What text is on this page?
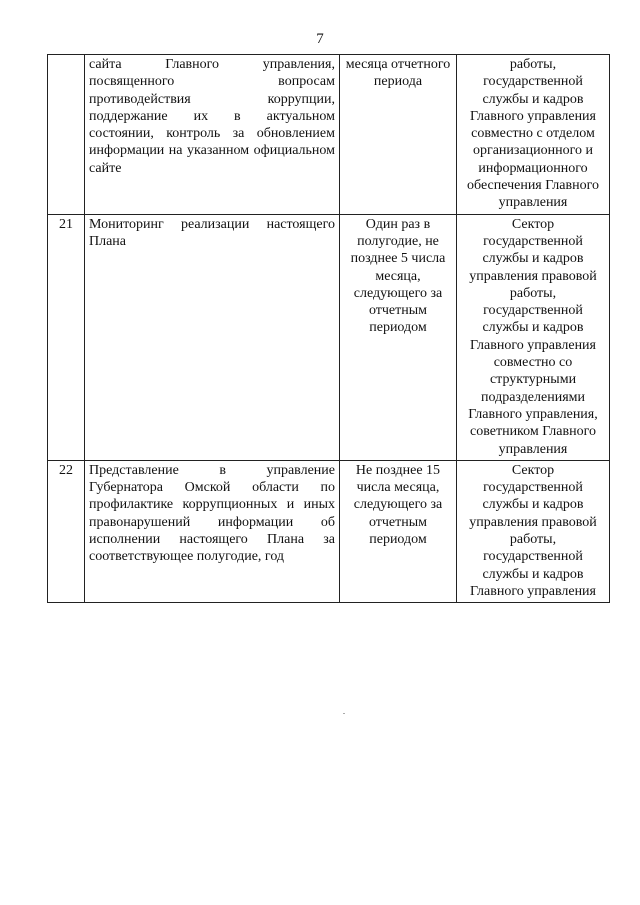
7
	сайта Главного управления, посвященного вопросам противодействия коррупции, поддержание их в актуальном состоянии, контроль за обновлением информации на указанном официальном сайте	месяца отчетного периода	работы, государственной службы и кадров Главного управления совместно с отделом организационного и информационного обеспечения Главного управления
21	Мониторинг реализации настоящего Плана	Один раз в полугодие, не позднее 5 числа месяца, следующего за отчетным периодом	Сектор государственной службы и кадров управления правовой работы, государственной службы и кадров Главного управления совместно со структурными подразделениями Главного управления, советником Главного управления
22	Представление в управление Губернатора Омской области по профилактике коррупционных и иных правонарушений информации об исполнении настоящего Плана за соответствующее полугодие, год	Не позднее 15 числа месяца, следующего за отчетным периодом	Сектор государственной службы и кадров управления правовой работы, государственной службы и кадров Главного управления
